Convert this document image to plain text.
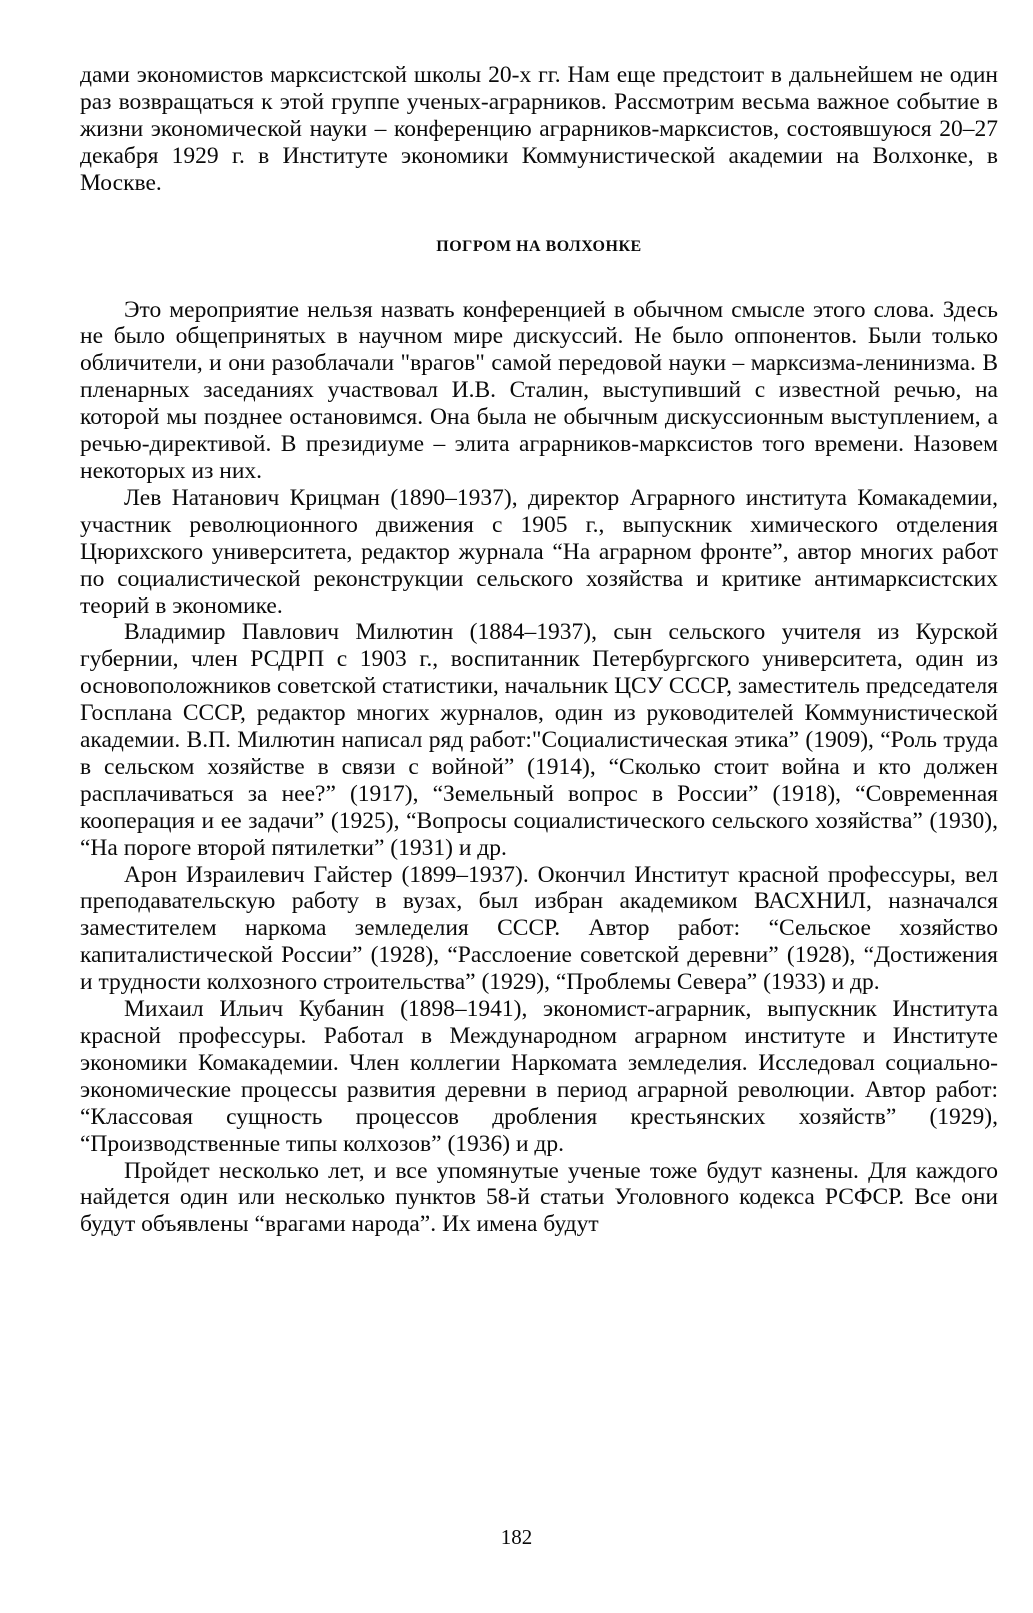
дами экономистов марксистской школы 20-х гг. Нам еще предстоит в дальнейшем не один раз возвращаться к этой группе ученых-аграрников. Рассмотрим весьма важное событие в жизни экономической науки – конференцию аграрников-марксистов, состоявшуюся 20–27 декабря 1929 г. в Институте экономики Коммунистической академии на Волхонке, в Москве.

ПОГРОМ НА ВОЛХОНКЕ

Это мероприятие нельзя назвать конференцией в обычном смысле этого слова. Здесь не было общепринятых в научном мире дискуссий. Не было оппонентов. Были только обличители, и они разоблачали "врагов" самой передовой науки – марксизма-ленинизма. В пленарных заседаниях участвовал И.В. Сталин, выступивший с известной речью, на которой мы позднее остановимся. Она была не обычным дискуссионным выступлением, а речью-директивой. В президиуме – элита аграрников-марксистов того времени. Назовем некоторых из них.

Лев Натанович Крицман (1890–1937), директор Аграрного института Комакадемии, участник революционного движения с 1905 г., выпускник химического отделения Цюрихского университета, редактор журнала “На аграрном фронте”, автор многих работ по социалистической реконструкции сельского хозяйства и критике антимарксистских теорий в экономике.

Владимир Павлович Милютин (1884–1937), сын сельского учителя из Курской губернии, член РСДРП с 1903 г., воспитанник Петербургского университета, один из основоположников советской статистики, начальник ЦСУ СССР, заместитель председателя Госплана СССР, редактор многих журналов, один из руководителей Коммунистической академии. В.П. Милютин написал ряд работ:"Социалистическая этика” (1909), “Роль труда в сельском хозяйстве в связи с войной” (1914), “Сколько стоит война и кто должен расплачиваться за нее?” (1917), “Земельный вопрос в России” (1918), “Современная кооперация и ее задачи” (1925), “Вопросы социалистического сельского хозяйства” (1930), “На пороге второй пятилетки” (1931) и др.

Арон Израилевич Гайстер (1899–1937). Окончил Институт красной профессуры, вел преподавательскую работу в вузах, был избран академиком ВАСХНИЛ, назначался заместителем наркома земледелия СССР. Автор работ: “Сельское хозяйство капиталистической России” (1928), “Расслоение советской деревни” (1928), “Достижения и трудности колхозного строительства” (1929), “Проблемы Севера” (1933) и др.

Михаил Ильич Кубанин (1898–1941), экономист-аграрник, выпускник Института красной профессуры. Работал в Международном аграрном институте и Институте экономики Комакадемии. Член коллегии Наркомата земледелия. Исследовал социально-экономические процессы развития деревни в период аграрной революции. Автор работ: “Классовая сущность процессов дробления крестьянских хозяйств” (1929), “Производственные типы колхозов” (1936) и др.

Пройдет несколько лет, и все упомянутые ученые тоже будут казнены. Для каждого найдется один или несколько пунктов 58-й статьи Уголовного кодекса РСФСР. Все они будут объявлены “врагами народа”. Их имена будут

182
